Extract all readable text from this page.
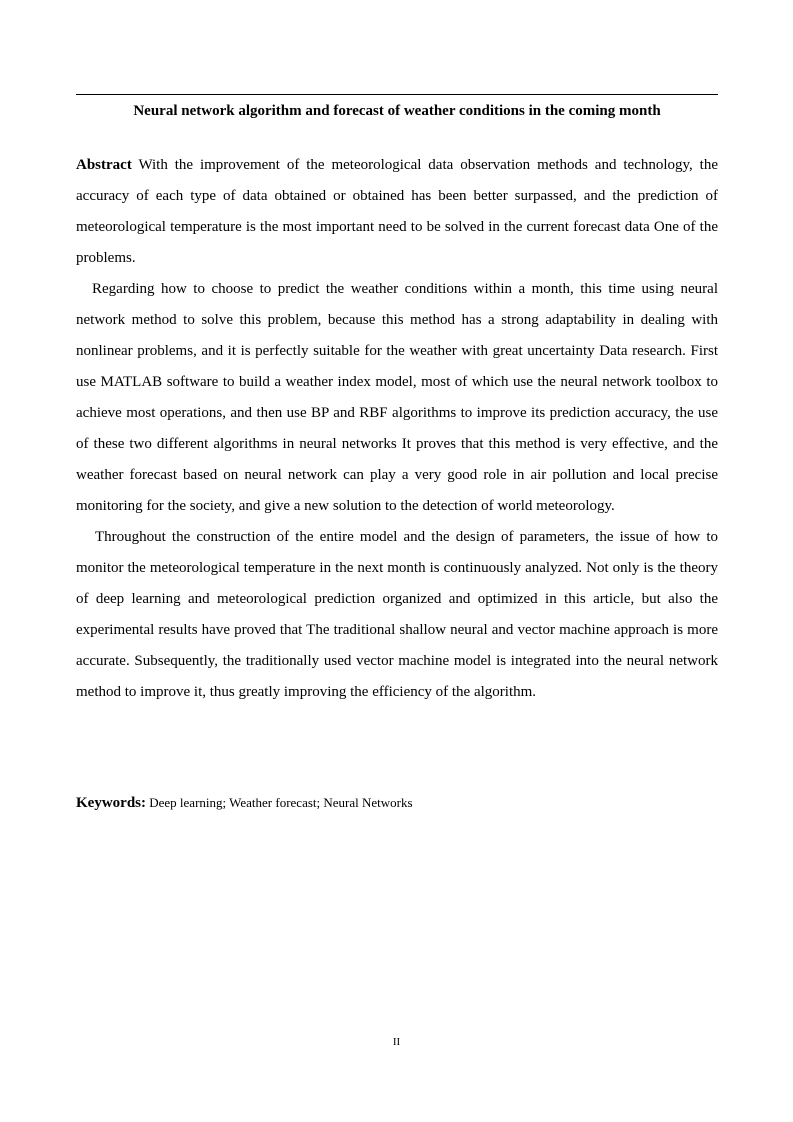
Neural network algorithm and forecast of weather conditions in the coming month

Abstract With the improvement of the meteorological data observation methods and technology, the accuracy of each type of data obtained or obtained has been better surpassed, and the prediction of meteorological temperature is the most important need to be solved in the current forecast data One of the problems.

Regarding how to choose to predict the weather conditions within a month, this time using neural network method to solve this problem, because this method has a strong adaptability in dealing with nonlinear problems, and it is perfectly suitable for the weather with great uncertainty Data research. First use MATLAB software to build a weather index model, most of which use the neural network toolbox to achieve most operations, and then use BP and RBF algorithms to improve its prediction accuracy, the use of these two different algorithms in neural networks It proves that this method is very effective, and the weather forecast based on neural network can play a very good role in air pollution and local precise monitoring for the society, and give a new solution to the detection of world meteorology.

Throughout the construction of the entire model and the design of parameters, the issue of how to monitor the meteorological temperature in the next month is continuously analyzed. Not only is the theory of deep learning and meteorological prediction organized and optimized in this article, but also the experimental results have proved that The traditional shallow neural and vector machine approach is more accurate. Subsequently, the traditionally used vector machine model is integrated into the neural network method to improve it, thus greatly improving the efficiency of the algorithm.

Keywords: Deep learning; Weather forecast; Neural Networks

II
